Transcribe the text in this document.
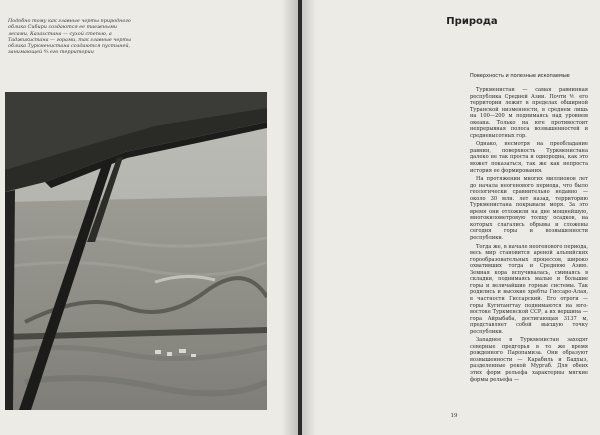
Подобно тому как главные черты природного облика Сибири создаются ее таежными лесами, Казахстана — сухой степью, а Таджикистана — горами, так главные черты облика Туркменистана создаются пустыней, занимающей ⅘ его территории
Природа
Поверхность и полезные ископаемые

Туркменистан — самая равнинная республика Средней Азии. Почти ⅘ его территории лежит в пределах обширной Туранской низменности, в среднем лишь на 100—200 м поднимаясь над уровнем океана. Только на юге противостоит непрерывная полоса возвышенностей и средневысотных гор.

Однако, несмотря на преобладание равнин, поверхность Туркменистана далеко не так проста и однородна, как это может показаться, так же как непроста история ее формирования.

На протяжении многих миллионов лет до начала неогенового периода, что было геологически сравнительно недавно — около 30 млн. лет назад, территорию Туркменистана покрывали моря. За это время они отложили на дне мощнейшую, многокилометровую толщу осадков, на которых слагались обрывы и сложены сегодня горы и возвышенности республики.

Тогда же, в начале неогенового периода, весь мир становится ареной альпийских горообразовательных процессов, широко охвативших тогда и Среднюю Азию. Земная кора вспучивалась, сминаясь в складки, поднимаясь малые и большие горы и величайшие горные системы. Так родились и высокие хребты Гиссаро-Алая, в частности Гиссарский. Его отроги — горы Кугитангтау поднимаются на юго-востоке Туркменской ССР, а их вершина — гора Айрыбаба, достигающая 3137 м, представляет собой высшую точку республики.

Западнее в Туркменистан заходят северные предгорья в то же время рожденного Паропамиза. Они образуют возвышенности — Карабиль и Бадхыз, разделенные рекой Мургаб. Для обеих этих форм рельефа характерны мягкие формы рельефа —

19
